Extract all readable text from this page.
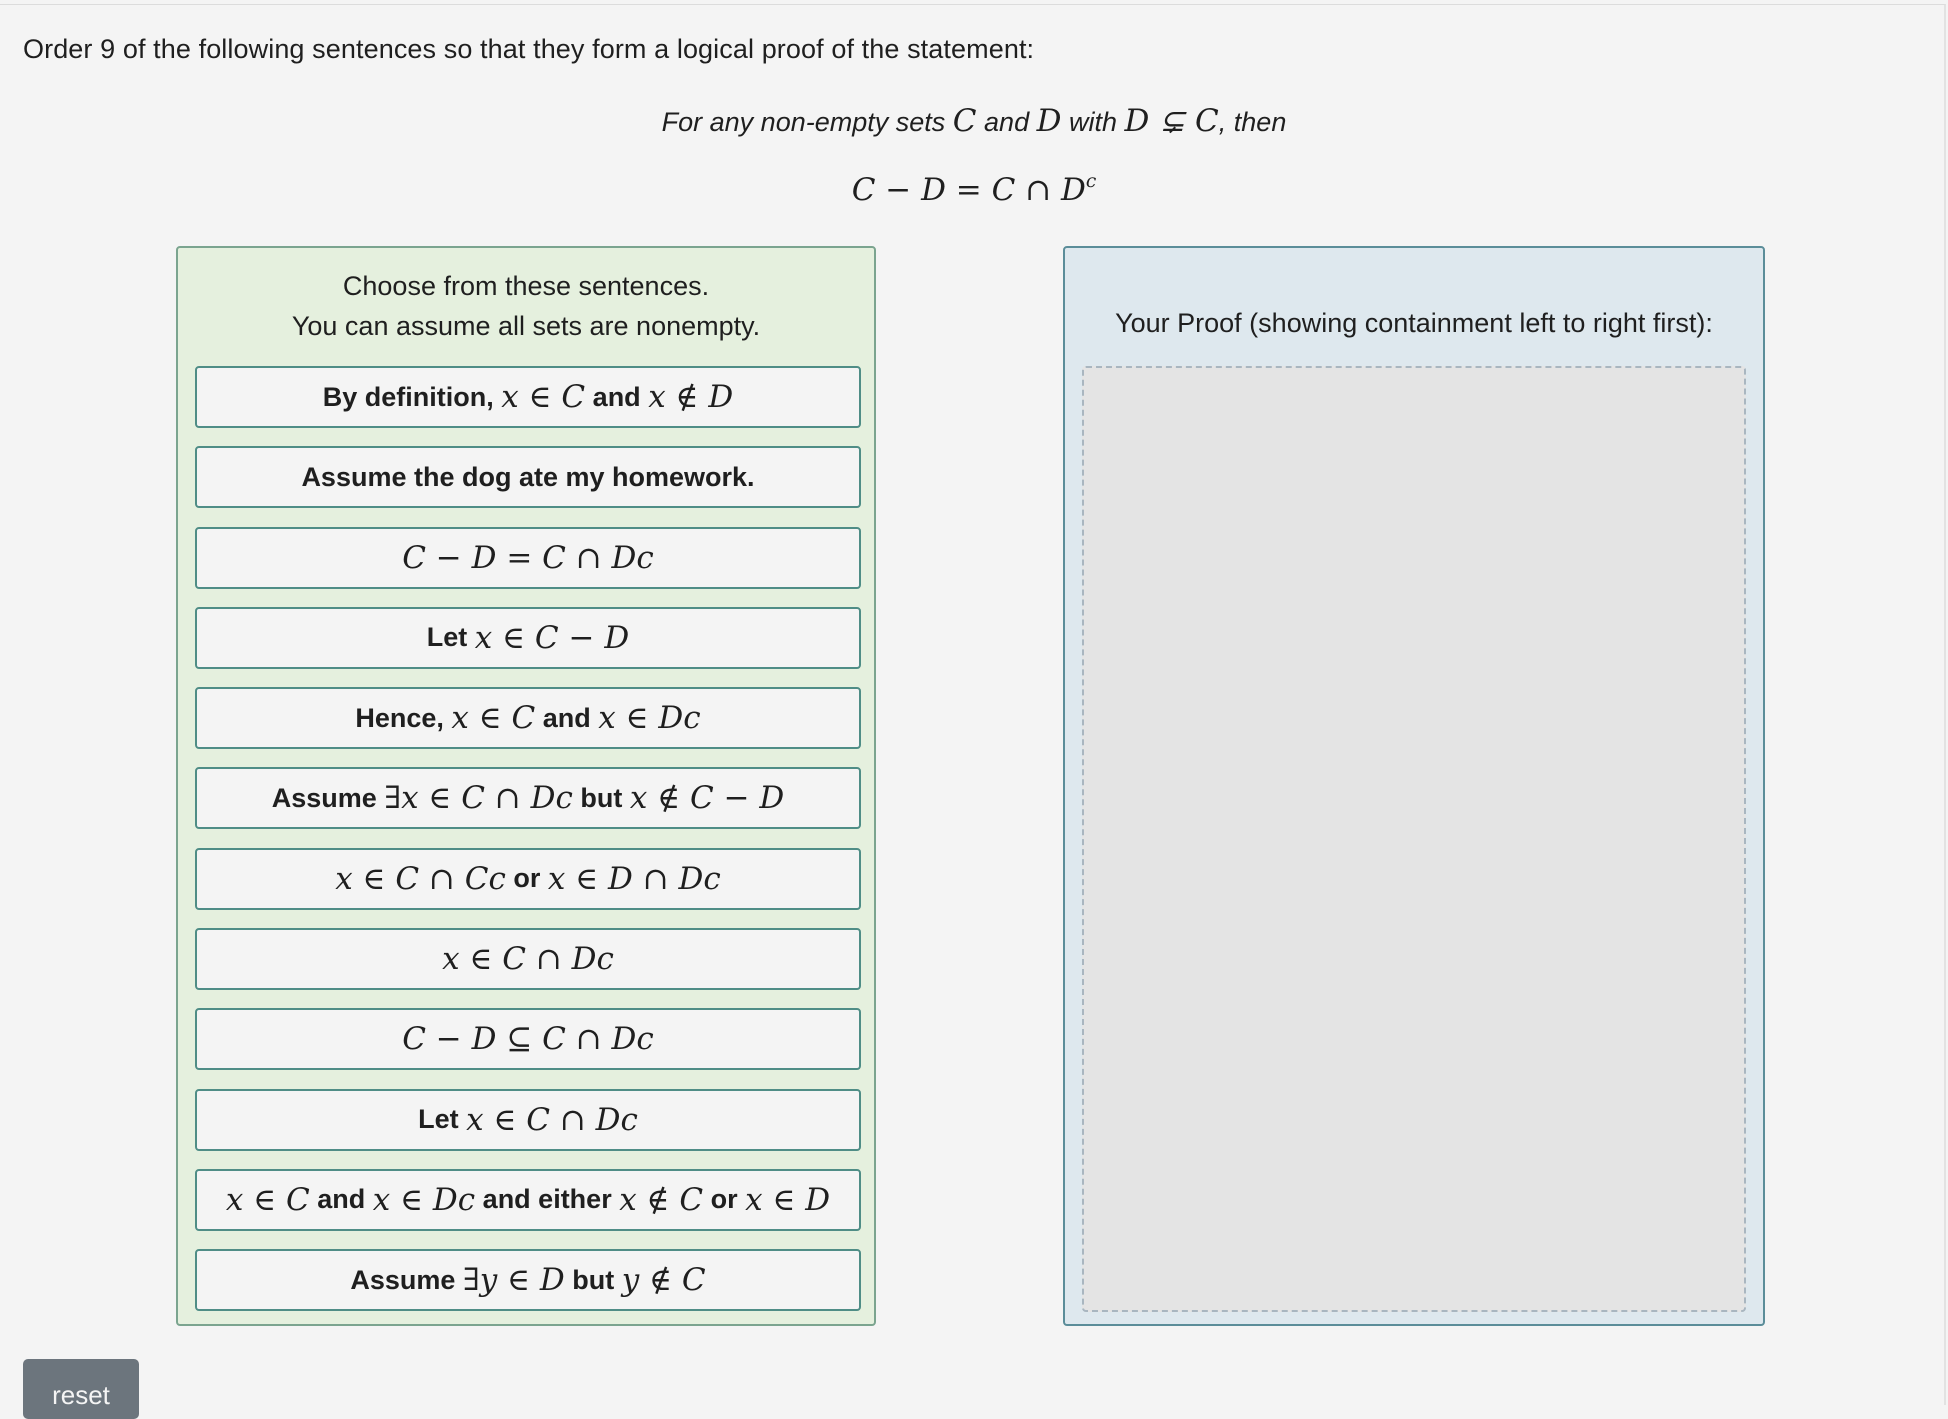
Order 9 of the following sentences so that they form a logical proof of the statement:
For any non-empty sets C and D with D ⊊ C, then
C − D = C ∩ $D^c$
Choose from these sentences.
You can assume all sets are nonempty.
By definition,
x ∈ C
and
x ∉ D
Assume the dog ate my homework.
C − D = C ∩ D c
Let
x ∈ C − D
Hence,
x ∈ C
and
x ∈ D c
Assume
∃x ∈ C ∩ D c
but
x ∉ C − D
x ∈ C ∩ C c
or
x ∈ D ∩ D c
x ∈ C ∩ D c
C − D ⊆ C ∩ D c
Let
x ∈ C ∩ D c
x ∈ C
and
x ∈ D c
and either
x ∉ C
or
x ∈ D
Assume
∃y ∈ D
but
y ∉ C
Your Proof (showing containment left to right first):
reset
